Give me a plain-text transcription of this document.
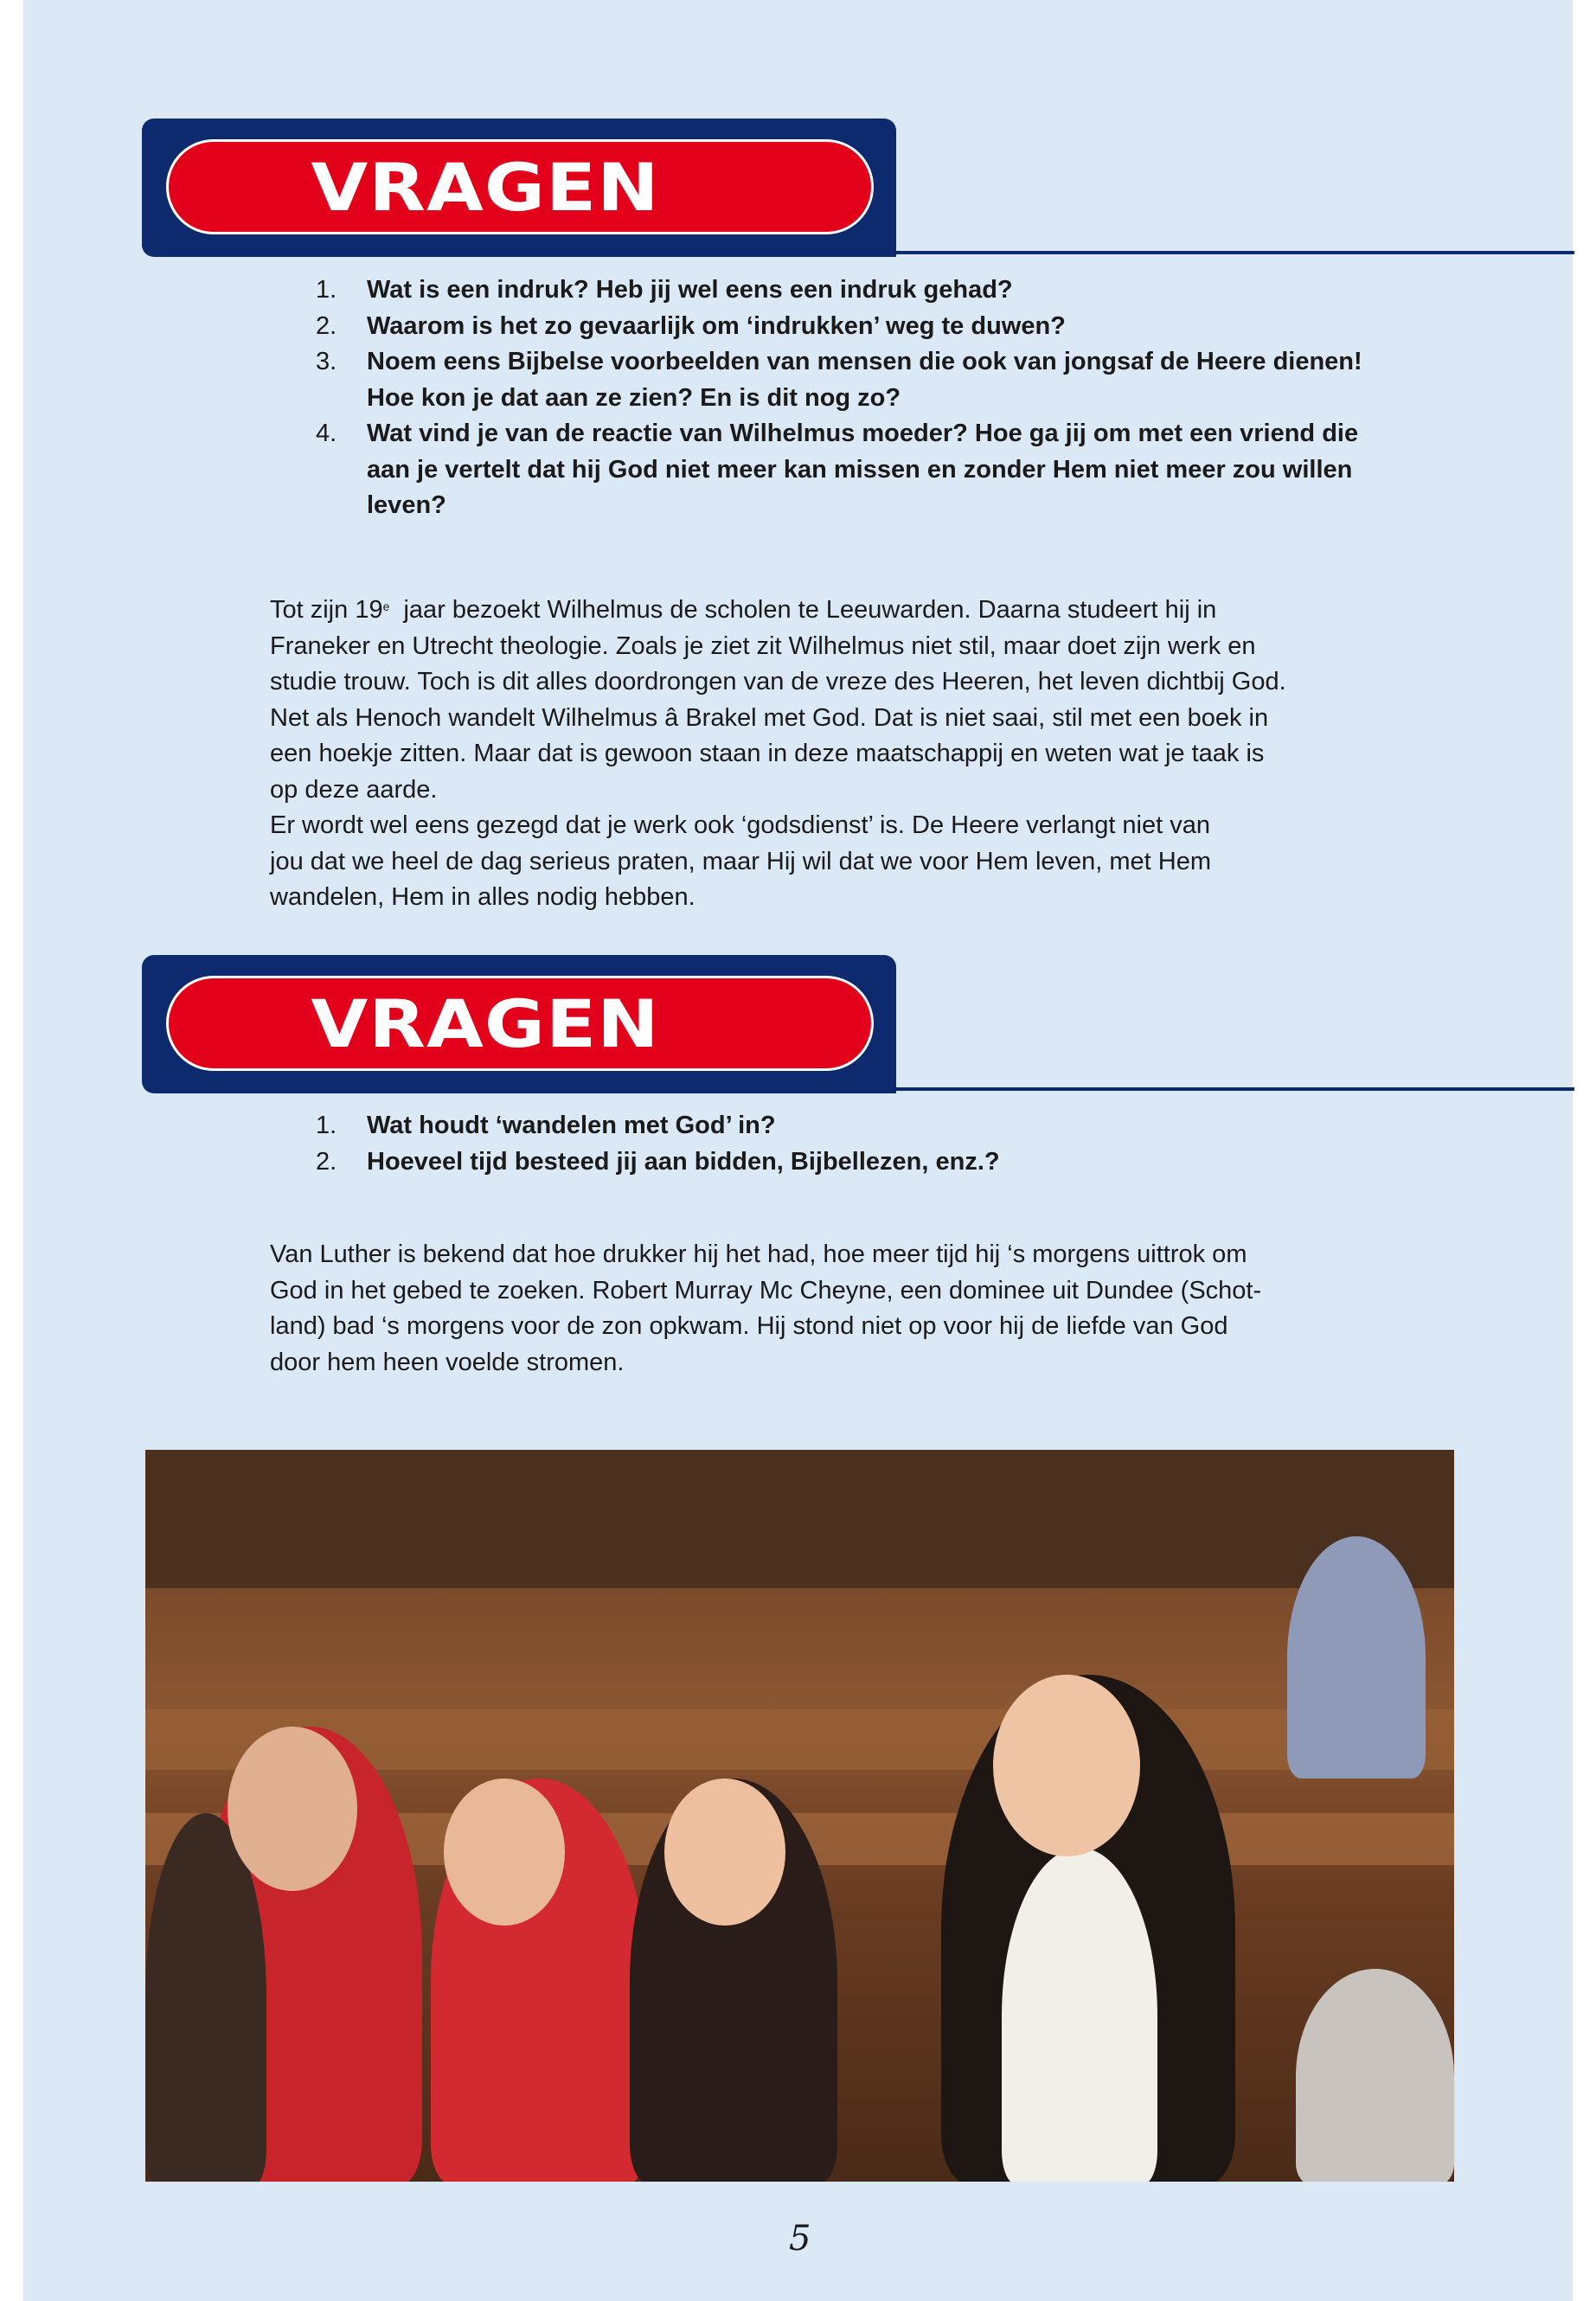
VRAGEN
1.	Wat is een indruk? Heb jij wel eens een indruk gehad?
2.	Waarom is het zo gevaarlijk om ‘indrukken’ weg te duwen?
3.	Noem eens Bijbelse voorbeelden van mensen die ook van jongsaf de Heere dienen!
Hoe kon je dat aan ze zien? En is dit nog zo?
4.	Wat vind je van de reactie van Wilhelmus moeder? Hoe ga jij om met een vriend die
aan je vertelt dat hij God niet meer kan missen en zonder Hem niet meer zou willen
leven?
Tot zijn 19e  jaar bezoekt Wilhelmus de scholen te Leeuwarden. Daarna studeert hij in
Franeker en Utrecht theologie. Zoals je ziet zit Wilhelmus niet stil, maar doet zijn werk en
studie trouw. Toch is dit alles doordrongen van de vreze des Heeren, het leven dichtbij God.
Net als Henoch wandelt Wilhelmus â Brakel met God. Dat is niet saai, stil met een boek in
een hoekje zitten. Maar dat is gewoon staan in deze maatschappij en weten wat je taak is
op deze aarde.
Er wordt wel eens gezegd dat je werk ook ‘godsdienst’ is. De Heere verlangt niet van
jou dat we heel de dag serieus praten, maar Hij wil dat we voor Hem leven, met Hem
wandelen, Hem in alles nodig hebben.
VRAGEN
1.	Wat houdt ‘wandelen met God’ in?
2.	Hoeveel tijd besteed jij aan bidden, Bijbellezen, enz.?
Van Luther is bekend dat hoe drukker hij het had, hoe meer tijd hij ‘s morgens uittrok om
God in het gebed te zoeken. Robert Murray Mc Cheyne, een dominee uit Dundee (Schot-
land) bad ‘s morgens voor de zon opkwam. Hij stond niet op voor hij de liefde van God
door hem heen voelde stromen.
5
